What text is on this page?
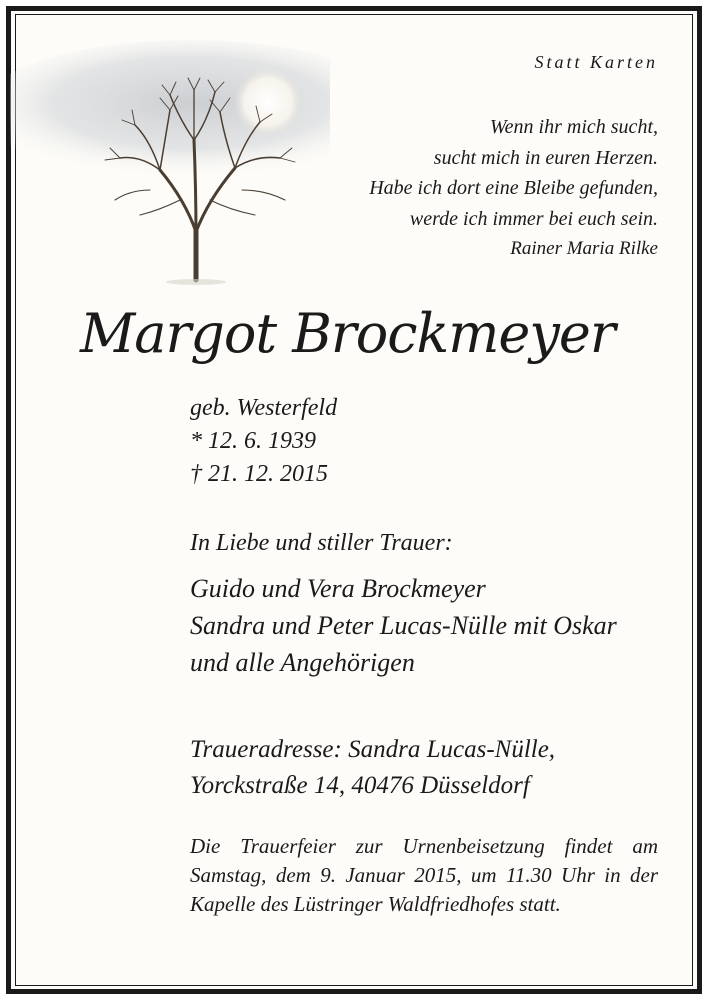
Statt Karten
Wenn ihr mich sucht,
sucht mich in euren Herzen.
Habe ich dort eine Bleibe gefunden,
werde ich immer bei euch sein.
Rainer Maria Rilke
Margot Brockmeyer
geb. Westerfeld
* 12. 6. 1939
† 21. 12. 2015
In Liebe und stiller Trauer:
Guido und Vera Brockmeyer
Sandra und Peter Lucas-Nülle mit Oskar
und alle Angehörigen
Traueradresse: Sandra Lucas-Nülle,
Yorckstraße 14, 40476 Düsseldorf
Die Trauerfeier zur Urnenbeisetzung findet am Samstag, dem 9. Januar 2015, um 11.30 Uhr in der Kapelle des Lüstringer Waldfriedhofes statt.
